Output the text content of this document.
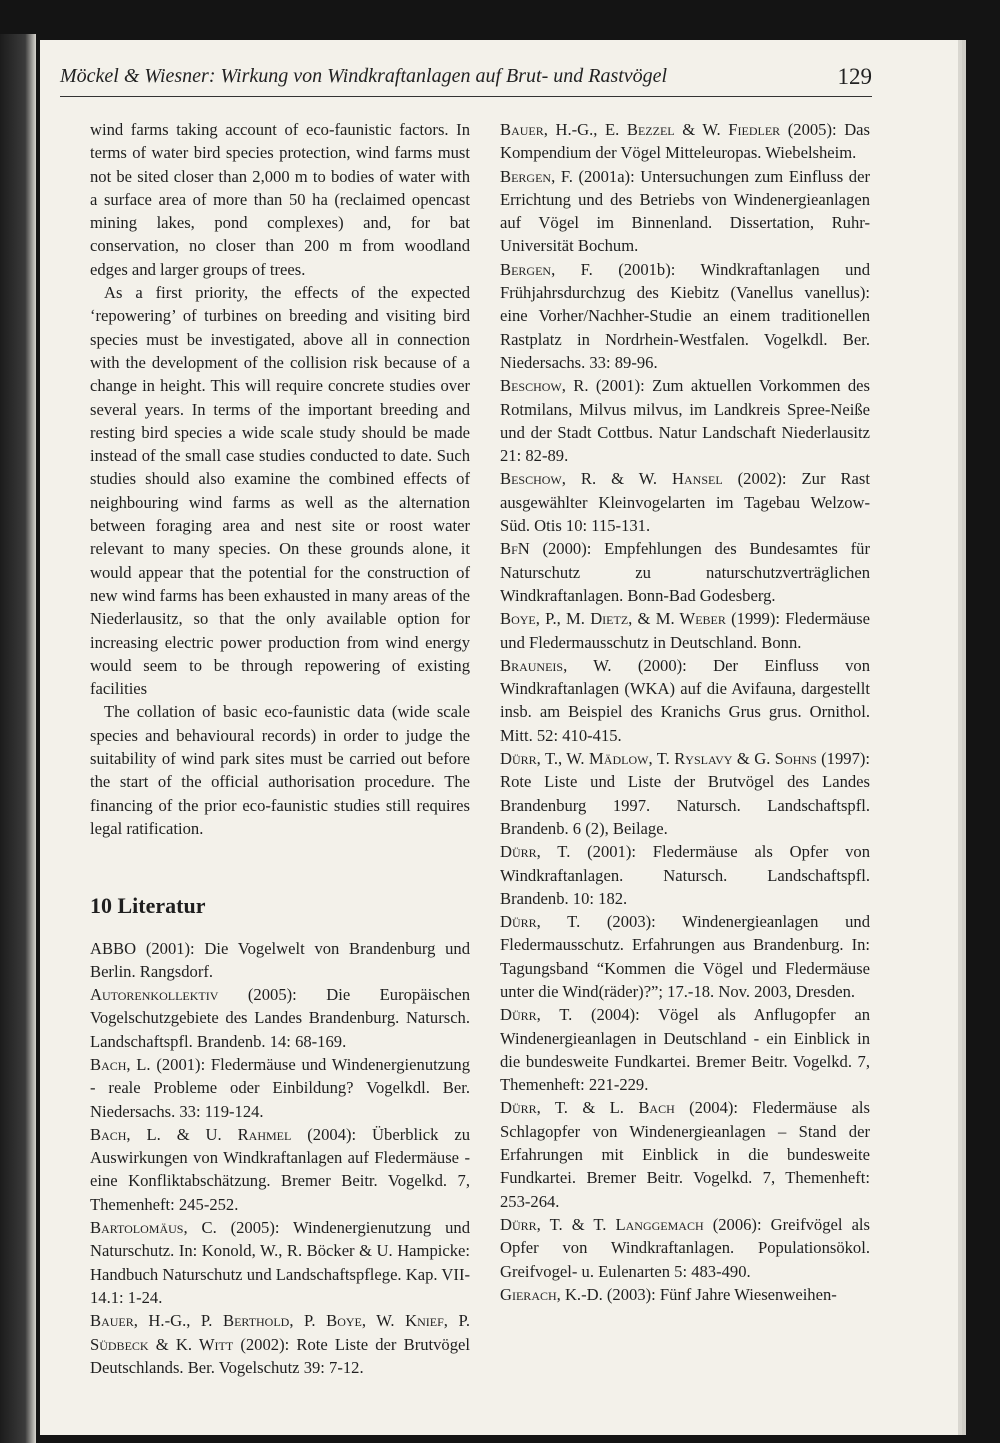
Möckel & Wiesner: Wirkung von Windkraftanlagen auf Brut- und Rastvögel	129

wind farms taking account of eco-faunistic factors. In terms of water bird species protection, wind farms must not be sited closer than 2,000 m to bodies of water with a surface area of more than 50 ha (reclaimed opencast mining lakes, pond complexes) and, for bat conservation, no closer than 200 m from woodland edges and larger groups of trees.

As a first priority, the effects of the expected ‘repowering’ of turbines on breeding and visiting bird species must be investigated, above all in connection with the development of the collision risk because of a change in height. This will require concrete studies over several years. In terms of the important breeding and resting bird species a wide scale study should be made instead of the small case studies conducted to date. Such studies should also examine the combined effects of neighbouring wind farms as well as the alternation between foraging area and nest site or roost water relevant to many species. On these grounds alone, it would appear that the potential for the construction of new wind farms has been exhausted in many areas of the Niederlausitz, so that the only available option for increasing electric power production from wind energy would seem to be through repowering of existing facilities

The collation of basic eco-faunistic data (wide scale species and behavioural records) in order to judge the suitability of wind park sites must be carried out before the start of the official authorisation procedure. The financing of the prior eco-faunistic studies still requires legal ratification.

10 Literatur

ABBO (2001): Die Vogelwelt von Brandenburg und Berlin. Rangsdorf.

Autorenkollektiv (2005): Die Europäischen Vogelschutzgebiete des Landes Brandenburg. Natursch. Landschaftspfl. Brandenb. 14: 68-169.

Bach, L. (2001): Fledermäuse und Windenergienutzung - reale Probleme oder Einbildung? Vogelkdl. Ber. Niedersachs. 33: 119-124.

Bach, L. & U. Rahmel (2004): Überblick zu Auswirkungen von Windkraftanlagen auf Fledermäuse - eine Konfliktabschätzung. Bremer Beitr. Vogelkd. 7, Themenheft: 245-252.

Bartolomäus, C. (2005): Windenergienutzung und Naturschutz. In: Konold, W., R. Böcker & U. Hampicke: Handbuch Naturschutz und Landschaftspflege. Kap. VII-14.1: 1-24.

Bauer, H.-G., P. Berthold, P. Boye, W. Knief, P. Südbeck & K. Witt (2002): Rote Liste der Brutvögel Deutschlands. Ber. Vogelschutz 39: 7-12.

Bauer, H.-G., E. Bezzel & W. Fiedler (2005): Das Kompendium der Vögel Mitteleuropas. Wiebelsheim.

Bergen, F. (2001a): Untersuchungen zum Einfluss der Errichtung und des Betriebs von Windenergieanlagen auf Vögel im Binnenland. Dissertation, Ruhr-Universität Bochum.

Bergen, F. (2001b): Windkraftanlagen und Frühjahrsdurchzug des Kiebitz (Vanellus vanellus): eine Vorher/Nachher-Studie an einem traditionellen Rastplatz in Nordrhein-Westfalen. Vogelkdl. Ber. Niedersachs. 33: 89-96.

Beschow, R. (2001): Zum aktuellen Vorkommen des Rotmilans, Milvus milvus, im Landkreis Spree-Neiße und der Stadt Cottbus. Natur Landschaft Niederlausitz 21: 82-89.

Beschow, R. & W. Hansel (2002): Zur Rast ausgewählter Kleinvogelarten im Tagebau Welzow-Süd. Otis 10: 115-131.

BfN (2000): Empfehlungen des Bundesamtes für Naturschutz zu naturschutzverträglichen Windkraftanlagen. Bonn-Bad Godesberg.

Boye, P., M. Dietz, & M. Weber (1999): Fledermäuse und Fledermausschutz in Deutschland. Bonn.

Brauneis, W. (2000): Der Einfluss von Windkraftanlagen (WKA) auf die Avifauna, dargestellt insb. am Beispiel des Kranichs Grus grus. Ornithol. Mitt. 52: 410-415.

Dürr, T., W. Mädlow, T. Ryslavy & G. Sohns (1997): Rote Liste und Liste der Brutvögel des Landes Brandenburg 1997. Natursch. Landschaftspfl. Brandenb. 6 (2), Beilage.

Dürr, T. (2001): Fledermäuse als Opfer von Windkraftanlagen. Natursch. Landschaftspfl. Brandenb. 10: 182.

Dürr, T. (2003): Windenergieanlagen und Fledermausschutz. Erfahrungen aus Brandenburg. In: Tagungsband “Kommen die Vögel und Fledermäuse unter die Wind(räder)?”; 17.-18. Nov. 2003, Dresden.

Dürr, T. (2004): Vögel als Anflugopfer an Windenergieanlagen in Deutschland - ein Einblick in die bundesweite Fundkartei. Bremer Beitr. Vogelkd. 7, Themenheft: 221-229.

Dürr, T. & L. Bach (2004): Fledermäuse als Schlagopfer von Windenergieanlagen – Stand der Erfahrungen mit Einblick in die bundesweite Fundkartei. Bremer Beitr. Vogelkd. 7, Themenheft: 253-264.

Dürr, T. & T. Langgemach (2006): Greifvögel als Opfer von Windkraftanlagen. Populationsökol. Greifvogel- u. Eulenarten 5: 483-490.

Gierach, K.-D. (2003): Fünf Jahre Wiesenweihen-
